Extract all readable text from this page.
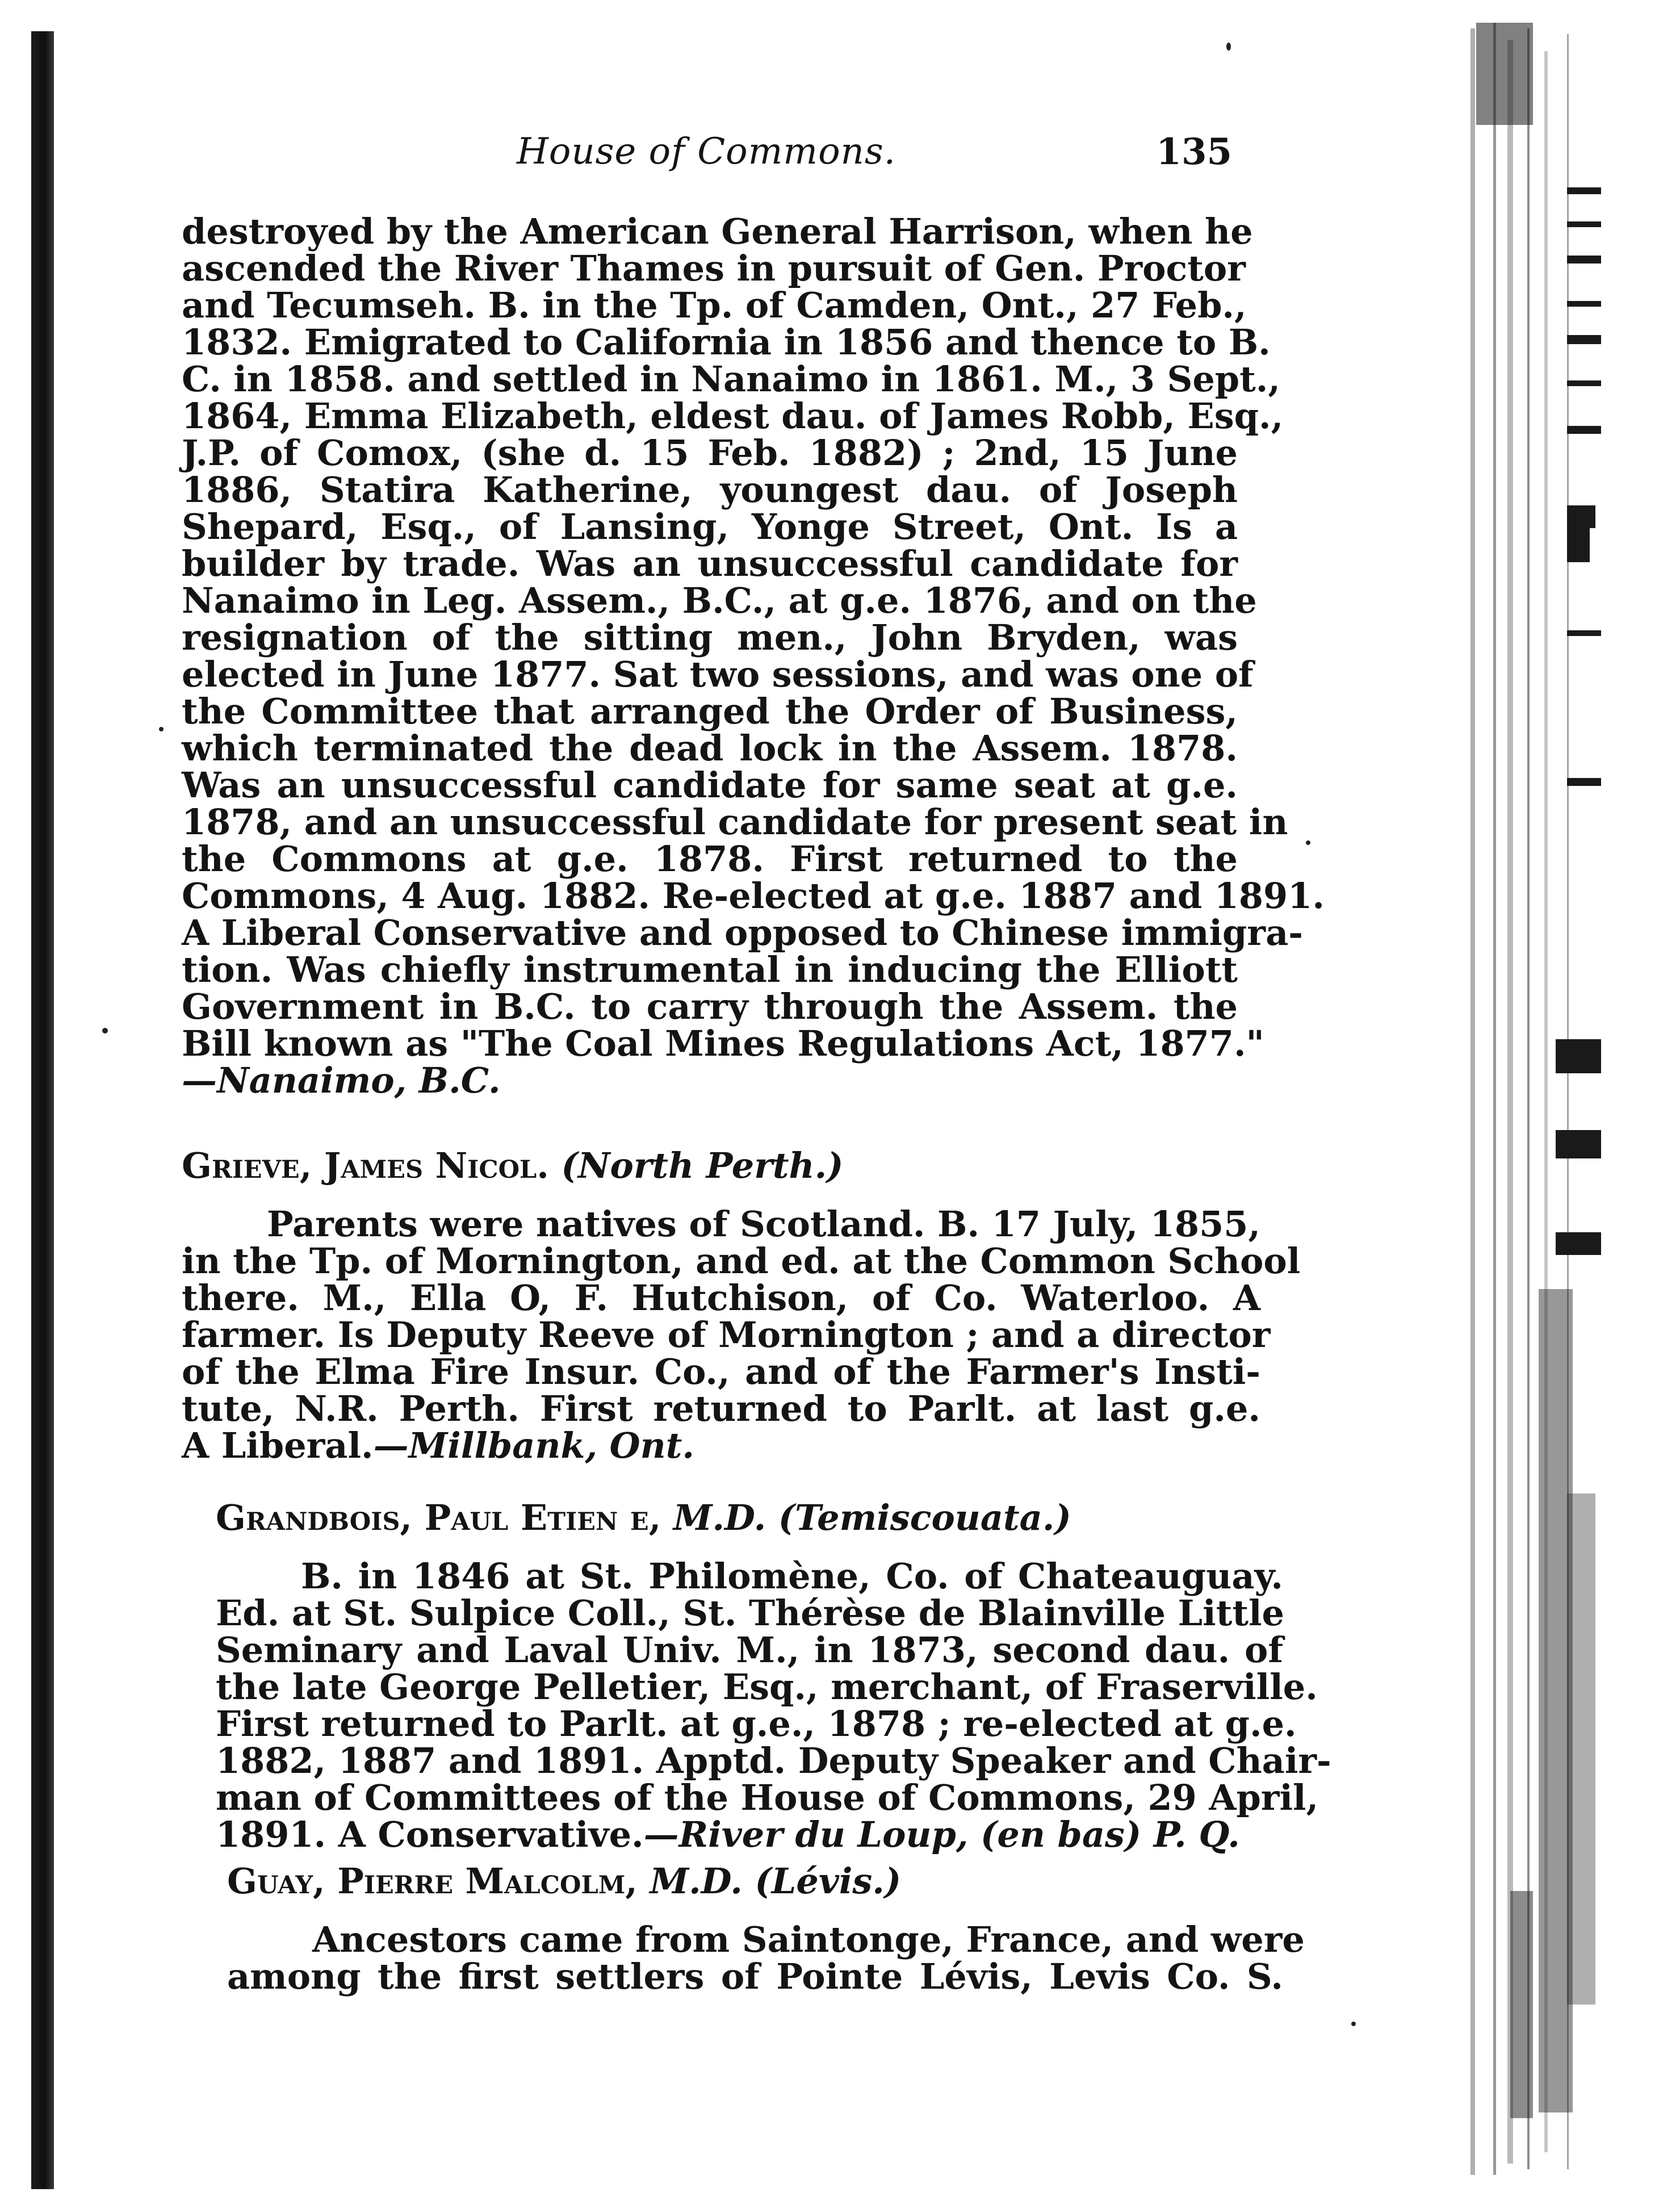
House of Commons.	135
destroyed by the American General Harrison, when he
ascended the River Thames in pursuit of Gen. Proctor
and Tecumseh. B. in the Tp. of Camden, Ont., 27 Feb.,
1832. Emigrated to California in 1856 and thence to B.
C. in 1858. and settled in Nanaimo in 1861. M., 3 Sept.,
1864, Emma Elizabeth, eldest dau. of James Robb, Esq.,
J.P. of Comox, (she d. 15 Feb. 1882) ; 2nd, 15 June
1886, Statira Katherine, youngest dau. of Joseph
Shepard, Esq., of Lansing, Yonge Street, Ont. Is a
builder by trade. Was an unsuccessful candidate for
Nanaimo in Leg. Assem., B.C., at g.e. 1876, and on the
resignation of the sitting men., John Bryden, was
elected in June 1877. Sat two sessions, and was one of
the Committee that arranged the Order of Business,
which terminated the dead lock in the Assem. 1878.
Was an unsuccessful candidate for same seat at g.e.
1878, and an unsuccessful candidate for present seat in
the Commons at g.e. 1878. First returned to the
Commons, 4 Aug. 1882. Re-elected at g.e. 1887 and 1891.
A Liberal Conservative and opposed to Chinese immigra-
tion. Was chiefly instrumental in inducing the Elliott
Government in B.C. to carry through the Assem. the
Bill known as "The Coal Mines Regulations Act, 1877."
—Nanaimo, B.C.
Grieve, James Nicol. (North Perth.)
Parents were natives of Scotland. B. 17 July, 1855,
in the Tp. of Mornington, and ed. at the Common School
there. M., Ella O, F. Hutchison, of Co. Waterloo. A
farmer. Is Deputy Reeve of Mornington ; and a director
of the Elma Fire Insur. Co., and of the Farmer's Insti-
tute, N.R. Perth. First returned to Parlt. at last g.e.
A Liberal.—Millbank, Ont.
Grandbois, Paul Etien e, M.D. (Temiscouata.)
B. in 1846 at St. Philomène, Co. of Chateauguay.
Ed. at St. Sulpice Coll., St. Thérèse de Blainville Little
Seminary and Laval Univ. M., in 1873, second dau. of
the late George Pelletier, Esq., merchant, of Fraserville.
First returned to Parlt. at g.e., 1878 ; re-elected at g.e.
1882, 1887 and 1891. Apptd. Deputy Speaker and Chair-
man of Committees of the House of Commons, 29 April,
1891. A Conservative.—River du Loup, (en bas) P. Q.
Guay, Pierre Malcolm, M.D. (Lévis.)
Ancestors came from Saintonge, France, and were
among the first settlers of Pointe Lévis, Levis Co. S.
